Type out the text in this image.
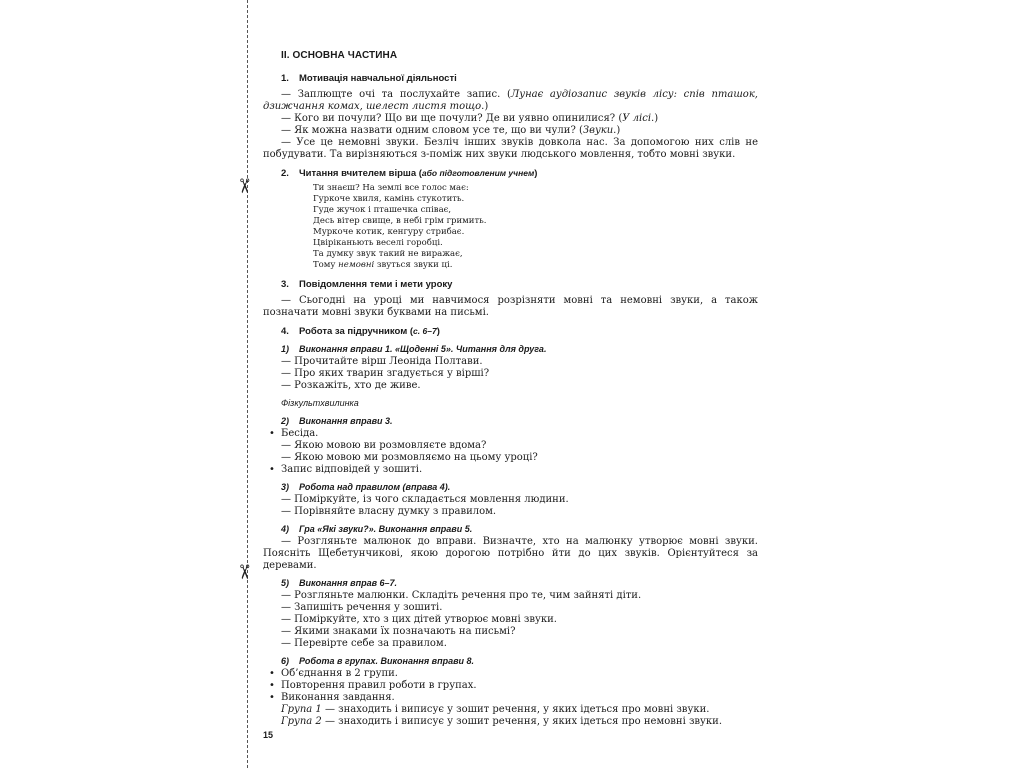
✂
✂
II. ОСНОВНА ЧАСТИНА
1. Мотивація навчальної діяльності

— Заплющте очі та послухайте запис. (Лунає аудіозапис звуків лісу: спів пташок, дзижчання комах, шелест листя тощо.)

— Кого ви почули? Що ви ще почули? Де ви уявно опинилися? (У лісі.)

— Як можна назвати одним словом усе те, що ви чули? (Звуки.)

— Усе це немовні звуки. Безліч інших звуків довкола нас. За допомогою них слів не побудувати. Та вирізняються з-поміж них звуки людського мовлення, тобто мовні звуки.

2. Читання вчителем вірша (або підготовленим учнем)
Ти знаєш? На землі все голос має:
Гуркоче хвиля, камінь стукотить.
Гуде жучок і пташечка співає,
Десь вітер свище, в небі грім гримить.
Муркоче котик, кенгуру стрибає.
Цвіріканьють веселі горобці.
Та думку звук такий не виражає,
Тому немовні звуться звуки ці.
3. Повідомлення теми і мети уроку

— Сьогодні на уроці ми навчимося розрізняти мовні та немовні звуки, а також позначати мовні звуки буквами на письмі.

4. Робота за підручником (с. 6–7)
1) Виконання вправи 1. «Щоденні 5». Читання для друга.

— Прочитайте вірш Леоніда Полтави.

— Про яких тварин згадується у вірші?

— Розкажіть, хто де живе.

Фізкультхвилинка
2) Виконання вправи 3.

• Бесіда.

— Якою мовою ви розмовляєте вдома?

— Якою мовою ми розмовляємо на цьому уроці?

• Запис відповідей у зошиті.

3) Робота над правилом (вправа 4).

— Поміркуйте, із чого складається мовлення людини.

— Порівняйте власну думку з правилом.

4) Гра «Які звуки?». Виконання вправи 5.

— Розгляньте малюнок до вправи. Визначте, хто на малюнку утворює мовні звуки. Поясніть Щебетунчикові, якою дорогою потрібно йти до цих звуків. Орієнтуйтеся за деревами.

5) Виконання вправ 6–7.

— Розгляньте малюнки. Складіть речення про те, чим зайняті діти.

— Запишіть речення у зошиті.

— Поміркуйте, хто з цих дітей утворює мовні звуки.

— Якими знаками їх позначають на письмі?

— Перевірте себе за правилом.

6) Робота в групах. Виконання вправи 8.

• Об’єднання в 2 групи.

• Повторення правил роботи в групах.

• Виконання завдання.

Група 1 — знаходить і виписує у зошит речення, у яких ідеться про мовні звуки.

Група 2 — знаходить і виписує у зошит речення, у яких ідеться про немовні звуки.

15
